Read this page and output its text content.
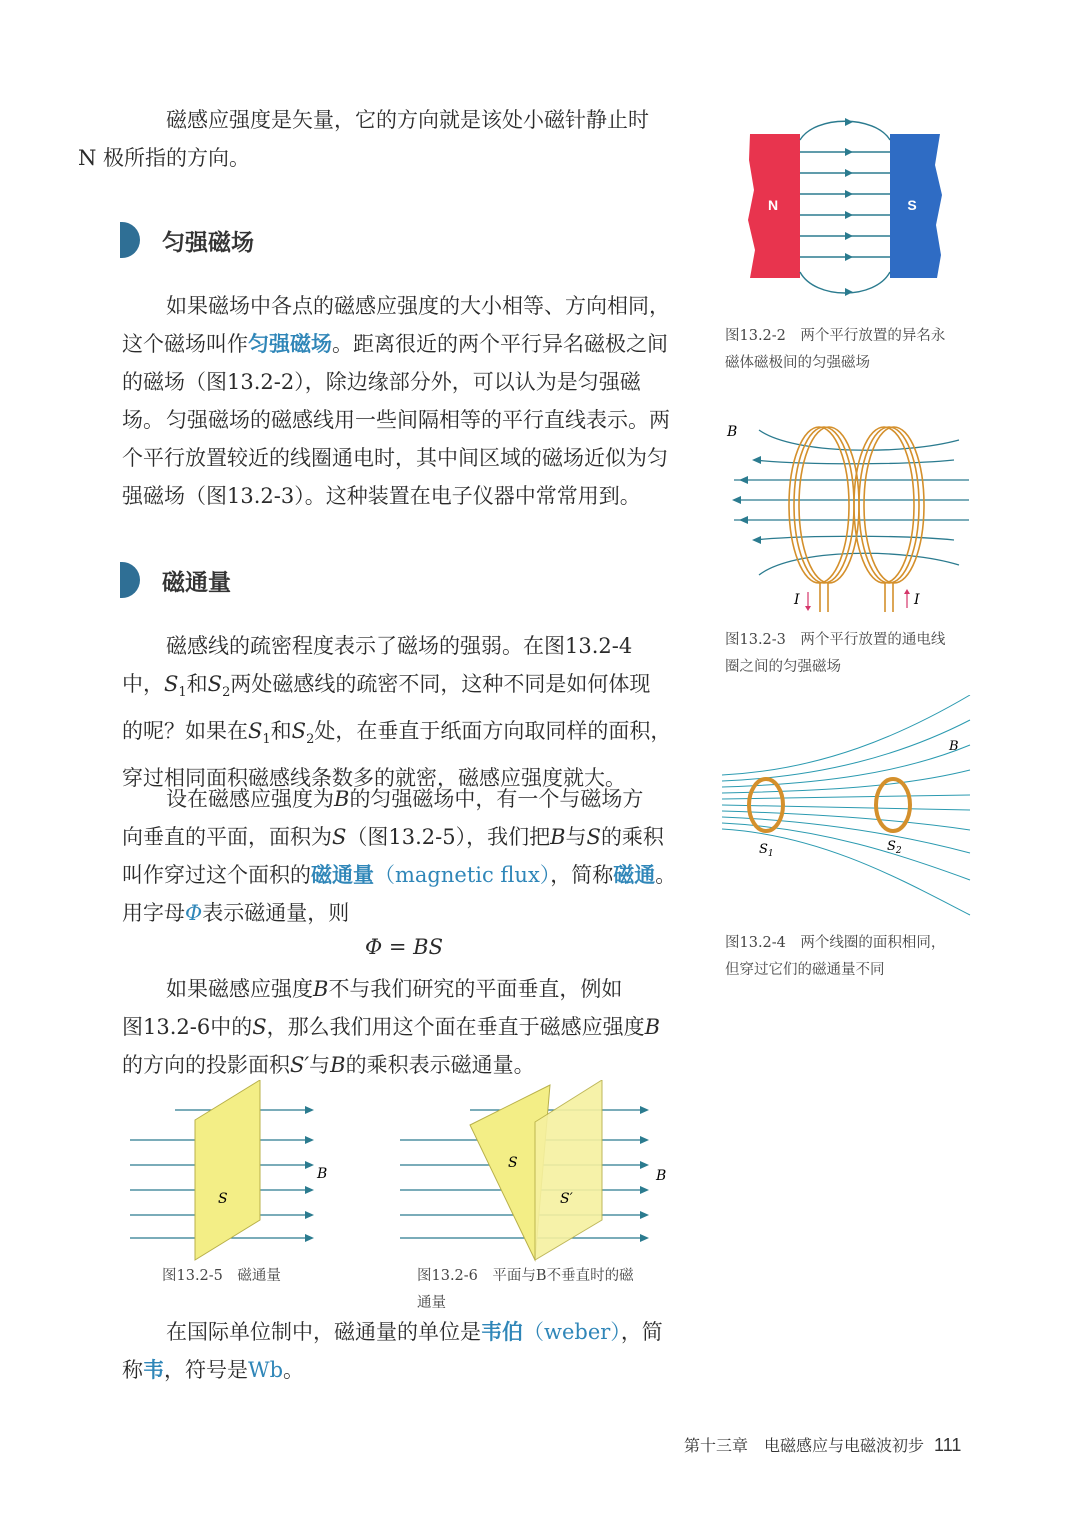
磁感应强度是矢量，它的方向就是该处小磁针静止时
N 极所指的方向。

匀强磁场

如果磁场中各点的磁感应强度的大小相等、方向相同，
这个磁场叫作匀强磁场。距离很近的两个平行异名磁极之间
的磁场（图13.2-2），除边缘部分外，可以认为是匀强磁场。 匀强磁场的磁感线用一些间隔相等的平行直线表示。两
个平行放置较近的线圈通电时，其中间区域的磁场近似为匀
强磁场（图13.2-3）。这种装置在电子仪器中常常用到。

磁通量

磁感线的疏密程度表示了磁场的强弱。在图13.2-4
中，$S_1$和$S_2$两处磁感线的疏密不同，这种不同是如何体现
的呢？如果在$S_1$和$S_2$处，在垂直于纸面方向取同样的面积，
穿过相同面积磁感线条数多的就密，磁感应强度就大。

设在磁感应强度为B的匀强磁场中，有一个与磁场方
向垂直的平面，面积为S（图13.2-5），我们把B与S的乘积
叫作穿过这个面积的磁通量（magnetic flux），简称磁通。
用字母Φ表示磁通量，则

Φ = BS

如果磁感应强度B不与我们研究的平面垂直，例如
图13.2-6中的S，那么我们用这个面在垂直于磁感应强度B
的方向的投影面积S′与B的乘积表示磁通量。

在国际单位制中，磁通量的单位是韦伯（weber），简
称韦，符号是Wb。

N	S
图13.2-2　两个平行放置的异名永
磁体磁极间的匀强磁场
B
I	I
图13.2-3　两个平行放置的通电线
圈之间的匀强磁场
B
$S_1$	$S_2$
图13.2-4　两个线圈的面积相同，
但穿过它们的磁通量不同
S
B
图13.2-5　磁通量
S
S′
B
图13.2-6　平面与B不垂直时的磁
通量
第十三章　电磁感应与电磁波初步 111
